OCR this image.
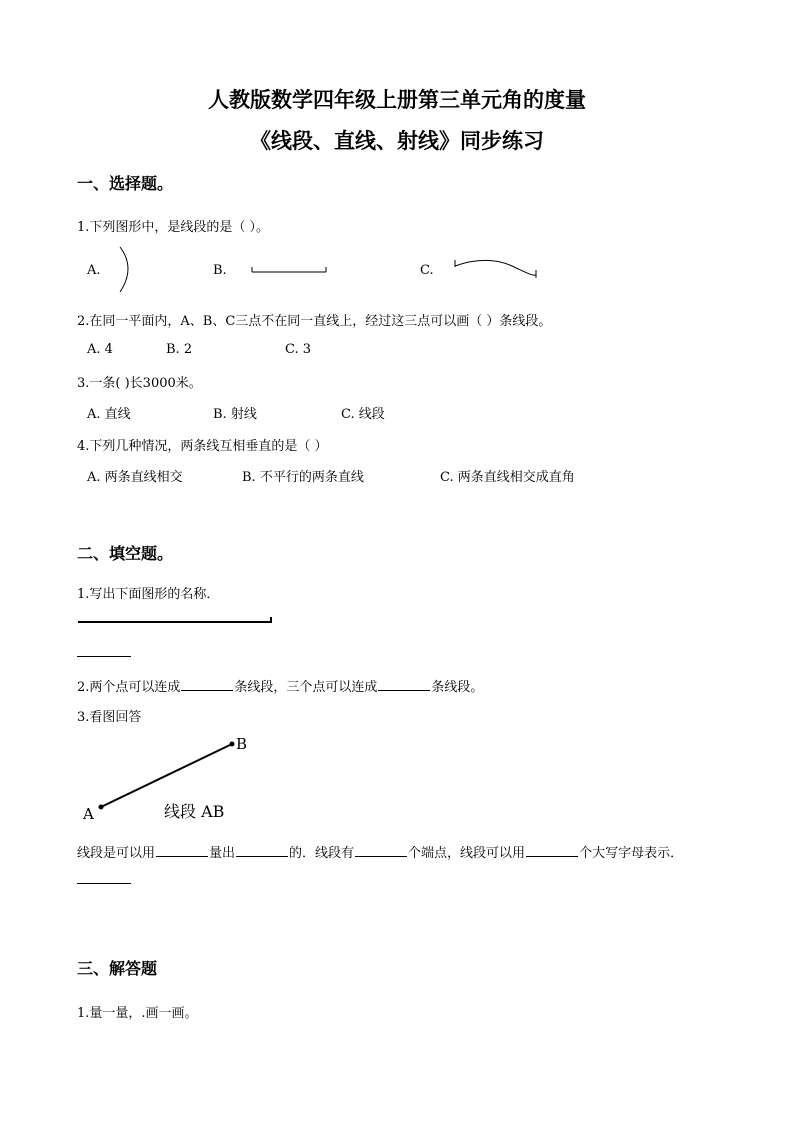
人教版数学四年级上册第三单元角的度量
《线段、直线、射线》同步练习
一、选择题。
1.下列图形中，是线段的是（ ）。
A.	B.	C.
2.在同一平面内，A、B、C三点不在同一直线上，经过这三点可以画（ ）条线段。
A. 4	B. 2	C. 3
3.一条( )长3000米。
A. 直线	B. 射线	C. 线段
4.下列几种情况，两条线互相垂直的是（ ）
A. 两条直线相交	B. 不平行的两条直线	C. 两条直线相交成直角
二、填空题。
1.写出下面图形的名称．
2.两个点可以连成	条线段，三个点可以连成	条线段。
3.看图回答
B
A	线段 AB
线段是可以用	量出	的．线段有	个端点，线段可以用	个大写字母表示．
三、解答题
1.量一量，.画一画。
